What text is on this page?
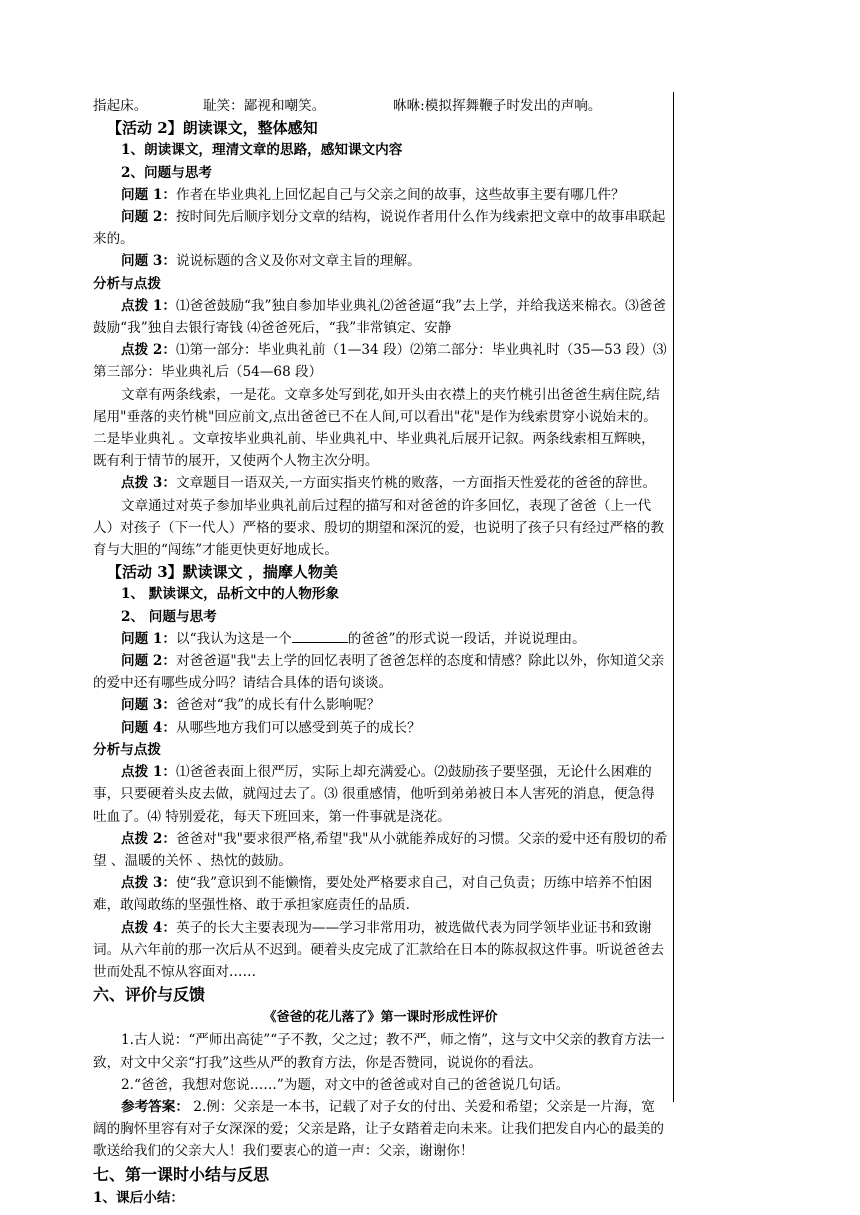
指起床。	耻笑：鄙视和嘲笑。	咻咻:模拟挥舞鞭子时发出的声响。

【活动 2】朗读课文，整体感知

1、朗读课文，理清文章的思路，感知课文内容

2、问题与思考

问题 1：作者在毕业典礼上回忆起自己与父亲之间的故事，这些故事主要有哪几件？

问题 2：按时间先后顺序划分文章的结构，说说作者用什么作为线索把文章中的故事串联起来的。

问题 3：说说标题的含义及你对文章主旨的理解。

分析与点拨

点拨 1：⑴爸爸鼓励“我”独自参加毕业典礼⑵爸爸逼“我”去上学，并给我送来棉衣。⑶爸爸鼓励“我”独自去银行寄钱 ⑷爸爸死后，“我”非常镇定、安静

点拨 2：⑴第一部分：毕业典礼前（1—34 段）⑵第二部分：毕业典礼时（35—53 段）⑶第三部分：毕业典礼后（54—68 段）

文章有两条线索，一是花。文章多处写到花,如开头由衣襟上的夹竹桃引出爸爸生病住院,结尾用"垂落的夹竹桃"回应前文,点出爸爸已不在人间,可以看出"花"是作为线索贯穿小说始末的。二是毕业典礼 。文章按毕业典礼前、毕业典礼中、毕业典礼后展开记叙。两条线索相互辉映，既有利于情节的展开，又使两个人物主次分明。

点拨 3：文章题目一语双关,一方面实指夹竹桃的败落，一方面指天性爱花的爸爸的辞世。

文章通过对英子参加毕业典礼前后过程的描写和对爸爸的许多回忆，表现了爸爸（上一代人）对孩子（下一代人）严格的要求、殷切的期望和深沉的爱，也说明了孩子只有经过严格的教育与大胆的“闯练”才能更快更好地成长。

【活动 3】默读课文 ，揣摩人物美

1、 默读课文，品析文中的人物形象

2、 问题与思考

问题 1：以“我认为这是一个	的爸爸”的形式说一段话，并说说理由。

问题 2：对爸爸逼"我"去上学的回忆表明了爸爸怎样的态度和情感？除此以外，你知道父亲的爱中还有哪些成分吗？请结合具体的语句谈谈。

问题 3：爸爸对“我”的成长有什么影响呢？

问题 4：从哪些地方我们可以感受到英子的成长？

分析与点拨

点拨 1：⑴爸爸表面上很严厉，实际上却充满爱心。⑵鼓励孩子要坚强，无论什么困难的事，只要硬着头皮去做，就闯过去了。⑶ 很重感情，他听到弟弟被日本人害死的消息，便急得吐血了。⑷ 特别爱花，每天下班回来，第一件事就是浇花。

点拨 2：爸爸对"我"要求很严格,希望"我"从小就能养成好的习惯。父亲的爱中还有殷切的希望 、温暖的关怀 、热忱的鼓励。

点拨 3：使“我”意识到不能懒惰，要处处严格要求自己，对自己负责；历练中培养不怕困难，敢闯敢练的坚强性格、敢于承担家庭责任的品质.

点拨 4：英子的长大主要表现为——学习非常用功，被选做代表为同学领毕业证书和致谢词。从六年前的那一次后从不迟到。硬着头皮完成了汇款给在日本的陈叔叔这件事。听说爸爸去世而处乱不惊从容面对……

六、评价与反馈

《爸爸的花儿落了》第一课时形成性评价

1.古人说：“严师出高徒”“子不教，父之过；教不严，师之惰”，这与文中父亲的教育方法一致，对文中父亲“打我”这些从严的教育方法，你是否赞同，说说你的看法。

2.“爸爸，我想对您说……”为题，对文中的爸爸或对自己的爸爸说几句话。

参考答案： 2.例：父亲是一本书，记载了对子女的付出、关爱和希望；父亲是一片海，宽阔的胸怀里容有对子女深深的爱；父亲是路，让子女踏着走向未来。让我们把发自内心的最美的歌送给我们的父亲大人！我们要衷心的道一声：父亲，谢谢你！

七、第一课时小结与反思

1、课后小结：
